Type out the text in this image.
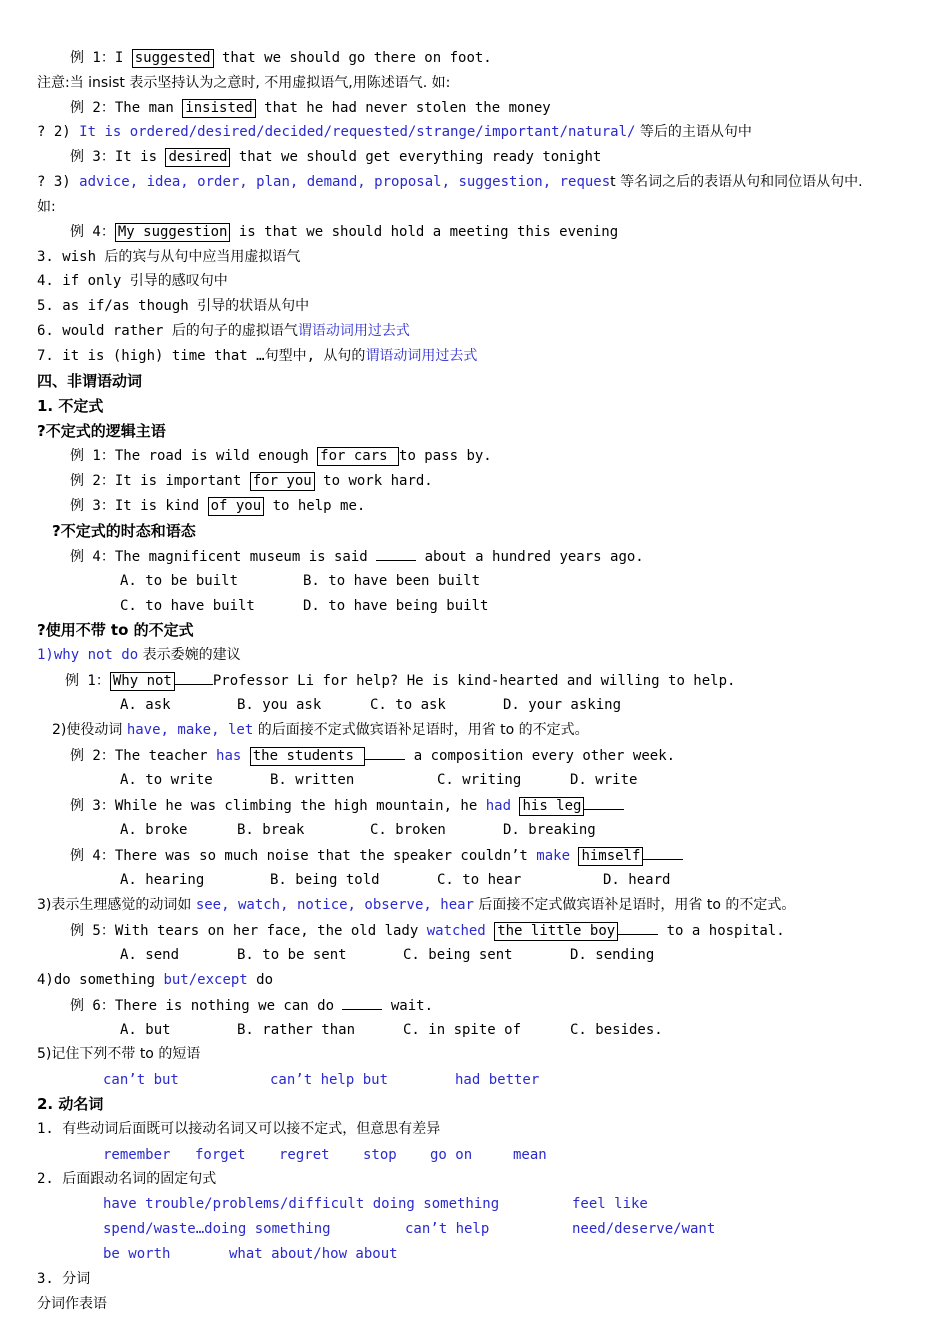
例 1：I suggested that we should go there on foot.
注意:当 insist 表示坚持认为之意时, 不用虚拟语气,用陈述语气. 如:
例 2：The man insisted that he had never stolen the money
? 2) It is ordered/desired/decided/requested/strange/important/natural/ 等后的主语从句中
例 3：It is desired that we should get everything ready tonight
? 3) advice, idea, order, plan, demand, proposal, suggestion, request 等名词之后的表语从句和同位语从句中.
如:
例 4： My suggestion is that we should hold a meeting this evening
3. wish 后的宾与从句中应当用虚拟语气
4. if only 引导的感叹句中
5. as if/as though 引导的状语从句中
6. would rather 后的句子的虚拟语气谓语动词用过去式
7. it is (high) time that …句型中, 从句的谓语动词用过去式
四、非谓语动词
1. 不定式
?不定式的逻辑主语
例 1：The road is wild enough for cars to pass by.
例 2：It is important for you to work hard.
例 3：It is kind of you to help me.
?不定式的时态和语态
例 4：The magnificent museum is said	about a hundred years ago.
A. to be built	B. to have been built
C. to have built	D. to have being built
?使用不带 to 的不定式
1)why not do 表示委婉的建议
例 1： Why not	Professor Li for help? He is kind-hearted and willing to help.
A. ask	B. you ask	C. to ask	D. your asking
2)使役动词 have, make, let 的后面接不定式做宾语补足语时，用省 to 的不定式。
例 2：The teacher has the students	a composition every other week.
A. to write	B. written	C. writing	D. write
例 3：While he was climbing the high mountain, he had his leg
A. broke	B. break	C. broken	D. breaking
例 4：There was so much noise that the speaker couldn’t make himself
A. hearing	B. being told	C. to hear	D. heard
3)表示生理感觉的动词如 see, watch, notice, observe, hear 后面接不定式做宾语补足语时，用省 to 的不定式。
例 5：With tears on her face, the old lady watched the little boy	to a hospital.
A. send	B. to be sent	C. being sent	D. sending
4)do something but/except do
例 6：There is nothing we can do	wait.
A. but	B. rather than	C. in spite of	C. besides.
5)记住下列不带 to 的短语
can’t but	can’t help but	had better
2. 动名词
1. 有些动词后面既可以接动名词又可以接不定式，但意思有差异
remember forget regret stop go on	mean
2. 后面跟动名词的固定句式
have trouble/problems/difficult doing something	feel like
spend/waste…doing something	can’t help	need/deserve/want
be worth	what about/how about
3. 分词
分词作表语
